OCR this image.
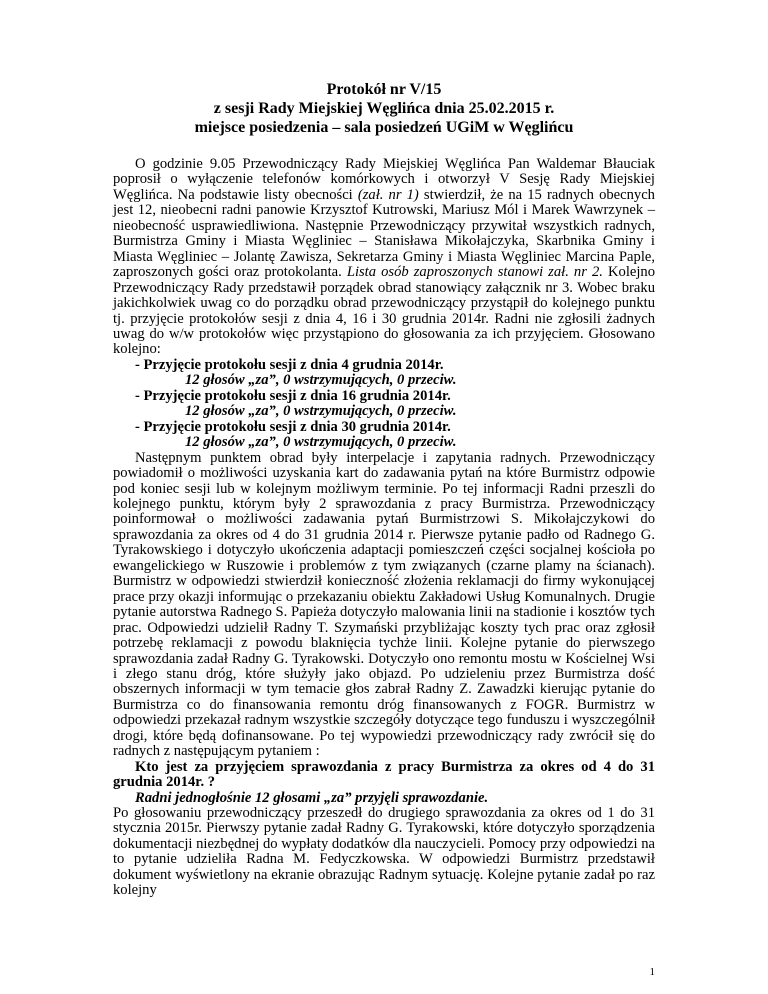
Protokół nr V/15

z sesji Rady Miejskiej Węglińca dnia 25.02.2015 r.

miejsce posiedzenia – sala posiedzeń UGiM w Węglińcu

O godzinie 9.05 Przewodniczący Rady Miejskiej Węglińca Pan Waldemar Błauciak poprosił o wyłączenie telefonów komórkowych i otworzył V Sesję Rady Miejskiej Węglińca. Na podstawie listy obecności (zał. nr 1) stwierdził, że na 15 radnych obecnych jest 12, nieobecni radni panowie Krzysztof Kutrowski, Mariusz Mól i Marek Wawrzynek – nieobecność usprawiedliwiona. Następnie Przewodniczący przywitał wszystkich radnych, Burmistrza Gminy i Miasta Węgliniec – Stanisława Mikołajczyka, Skarbnika Gminy i Miasta Węgliniec – Jolantę Zawisza, Sekretarza Gminy i Miasta Węgliniec Marcina Paple, zaproszonych gości oraz protokolanta. Lista osób zaproszonych stanowi zał. nr 2. Kolejno Przewodniczący Rady przedstawił porządek obrad stanowiący załącznik nr 3. Wobec braku jakichkolwiek uwag co do porządku obrad przewodniczący przystąpił do kolejnego punktu tj. przyjęcie protokołów sesji z dnia 4, 16 i 30 grudnia 2014r. Radni nie zgłosili żadnych uwag do w/w protokołów więc przystąpiono do głosowania za ich przyjęciem. Głosowano kolejno:

- Przyjęcie protokołu sesji z dnia 4 grudnia 2014r.

12 głosów „za”, 0 wstrzymujących, 0 przeciw.

- Przyjęcie protokołu sesji z dnia 16 grudnia 2014r.

12 głosów „za”, 0 wstrzymujących, 0 przeciw.

- Przyjęcie protokołu sesji z dnia 30 grudnia 2014r.

12 głosów „za”, 0 wstrzymujących, 0 przeciw.

Następnym punktem obrad były interpelacje i zapytania radnych. Przewodniczący powiadomił o możliwości uzyskania kart do zadawania pytań na które Burmistrz odpowie pod koniec sesji lub w kolejnym możliwym terminie. Po tej informacji Radni przeszli do kolejnego punktu, którym były 2 sprawozdania z pracy Burmistrza. Przewodniczący poinformował o możliwości zadawania pytań Burmistrzowi S. Mikołajczykowi do sprawozdania za okres od 4 do 31 grudnia 2014 r. Pierwsze pytanie padło od Radnego G. Tyrakowskiego i dotyczyło ukończenia adaptacji pomieszczeń części socjalnej kościoła po ewangelickiego w Ruszowie i problemów z tym związanych (czarne plamy na ścianach). Burmistrz w odpowiedzi stwierdził konieczność złożenia reklamacji do firmy wykonującej prace przy okazji informując o przekazaniu obiektu Zakładowi Usług Komunalnych. Drugie pytanie autorstwa Radnego S. Papieża dotyczyło malowania linii na stadionie i kosztów tych prac. Odpowiedzi udzielił Radny T. Szymański przybliżając koszty tych prac oraz zgłosił potrzebę reklamacji z powodu blaknięcia tychże linii. Kolejne pytanie do pierwszego sprawozdania zadał Radny G. Tyrakowski. Dotyczyło ono remontu mostu w Kościelnej Wsi i złego stanu dróg, które służyły jako objazd. Po udzieleniu przez Burmistrza dość obszernych informacji w tym temacie głos zabrał Radny Z. Zawadzki kierując pytanie do Burmistrza co do finansowania remontu dróg finansowanych z FOGR. Burmistrz w odpowiedzi przekazał radnym wszystkie szczegóły dotyczące tego funduszu i wyszczególnił drogi, które będą dofinansowane. Po tej wypowiedzi przewodniczący rady zwrócił się do radnych z następującym pytaniem :

Kto jest za przyjęciem sprawozdania z pracy Burmistrza za okres od 4 do 31 grudnia 2014r. ?

Radni jednogłośnie 12 głosami „za” przyjęli sprawozdanie.

Po głosowaniu przewodniczący przeszedł do drugiego sprawozdania za okres od 1 do 31 stycznia 2015r. Pierwszy pytanie zadał Radny G. Tyrakowski, które dotyczyło sporządzenia dokumentacji niezbędnej do wypłaty dodatków dla nauczycieli. Pomocy przy odpowiedzi na to pytanie udzieliła Radna M. Fedyczkowska. W odpowiedzi Burmistrz przedstawił dokument wyświetlony na ekranie obrazując Radnym sytuację. Kolejne pytanie zadał po raz kolejny

1
